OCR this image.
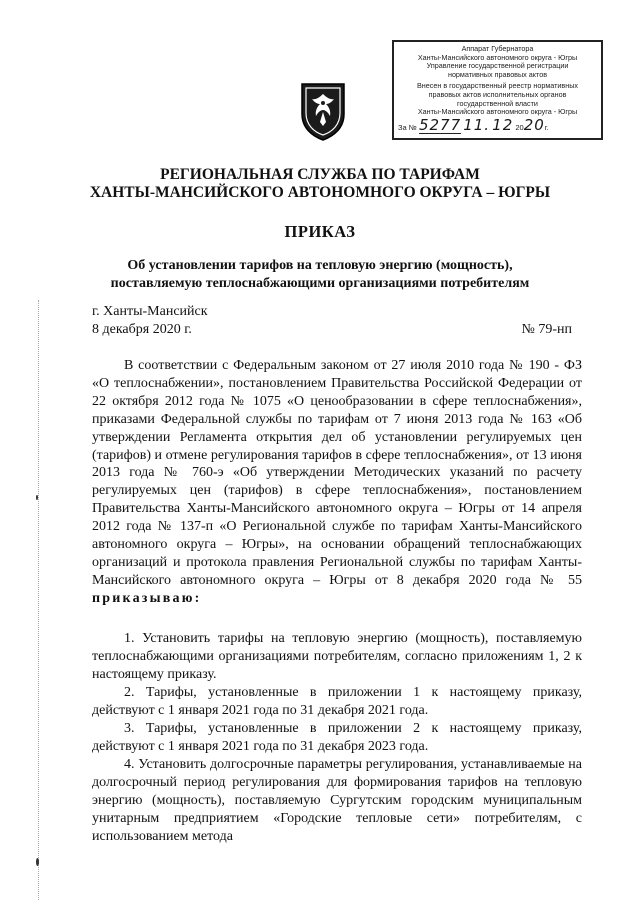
Аппарат Губернатора
Ханты-Мансийского автономного округа - Югры
Управление государственной регистрации
нормативных правовых актов
Внесен в государственный реестр нормативных
правовых актов исполнительных органов
государственной власти
Ханты-Мансийского автономного округа - Югры
За № 5277 11. 12 2020г.
РЕГИОНАЛЬНАЯ СЛУЖБА ПО ТАРИФАМ
ХАНТЫ-МАНСИЙСКОГО АВТОНОМНОГО ОКРУГА – ЮГРЫ
ПРИКАЗ
Об установлении тарифов на тепловую энергию (мощность),
поставляемую теплоснабжающими организациями потребителям
г. Ханты-Мансийск
8 декабря 2020 г.	№ 79-нп
В соответствии с Федеральным законом от 27 июля 2010 года № 190 - ФЗ «О теплоснабжении», постановлением Правительства Российской Федерации от 22 октября 2012 года № 1075 «О ценообразовании в сфере теплоснабжения», приказами Федеральной службы по тарифам от 7 июня 2013 года № 163 «Об утверждении Регламента открытия дел об установлении регулируемых цен (тарифов) и отмене регулирования тарифов в сфере теплоснабжения», от 13 июня 2013 года № 760-э «Об утверждении Методических указаний по расчету регулируемых цен (тарифов) в сфере теплоснабжения», постановлением Правительства Ханты-Мансийского автономного округа – Югры от 14 апреля 2012 года № 137-п «О Региональной службе по тарифам Ханты-Мансийского автономного округа – Югры», на основании обращений теплоснабжающих организаций и протокола правления Региональной службы по тарифам Ханты-Мансийского автономного округа – Югры от 8 декабря 2020 года № 55 приказываю:
1. Установить тарифы на тепловую энергию (мощность), поставляемую теплоснабжающими организациями потребителям, согласно приложениям 1, 2 к настоящему приказу.
2. Тарифы, установленные в приложении 1 к настоящему приказу, действуют с 1 января 2021 года по 31 декабря 2021 года.
3. Тарифы, установленные в приложении 2 к настоящему приказу, действуют с 1 января 2021 года по 31 декабря 2023 года.
4. Установить долгосрочные параметры регулирования, устанавливаемые на долгосрочный период регулирования для формирования тарифов на тепловую энергию (мощность), поставляемую Сургутским городским муниципальным унитарным предприятием «Городские тепловые сети» потребителям, с использованием метода
